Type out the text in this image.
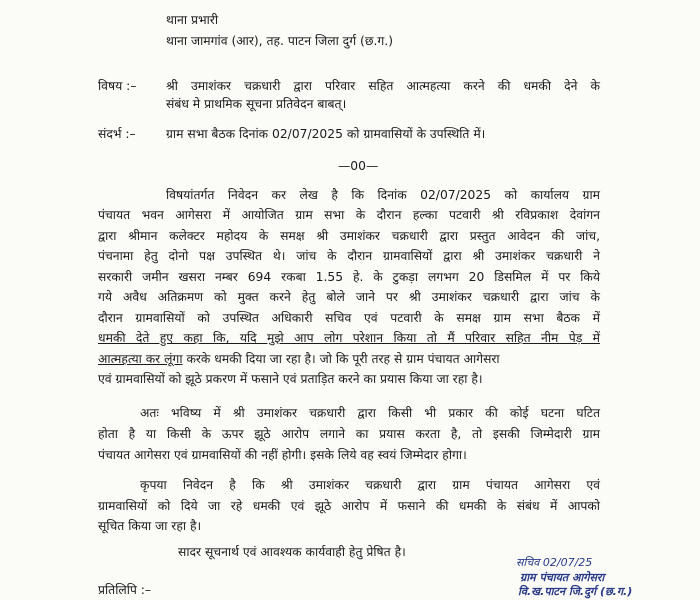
थाना प्रभारी
थाना जामगांव (आर), तह. पाटन जिला दुर्ग (छ.ग.)
विषय :– श्री उमाशंकर चक्रधारी द्वारा परिवार सहित आत्महत्या करने की धमकी देने के
संबंध मे प्राथमिक सूचना प्रतिवेदन बाबत्।
संदर्भ :– ग्राम सभा बैठक दिनांक 02/07/2025 को ग्रामवासियों के उपस्थिति में।
—00—
विषयांतर्गत निवेदन कर लेख है कि दिनांक 02/07/2025 को कार्यालय ग्राम
पंचायत भवन आगेसरा में आयोजित ग्राम सभा के दौरान हल्का पटवारी श्री रविप्रकाश देवांगन
द्वारा श्रीमान कलेक्टर महोदय के समक्ष श्री उमाशंकर चक्रधारी द्वारा प्रस्तुत आवेदन की जांच,
पंचनामा हेतु दोनो पक्ष उपस्थित थे। जांच के दौरान ग्रामवासियों द्वारा श्री उमाशंकर चक्रधारी ने
सरकारी जमीन खसरा नम्बर 694 रकबा 1.55 हे. के टुकड़ा लगभग 20 डिसमिल में पर किये
गये अवैध अतिक्रमण को मुक्त करने हेतु बोले जाने पर श्री उमाशंकर चक्रधारी द्वारा जांच के
दौरान ग्रामवासियों को उपस्थित अधिकारी सचिव एवं पटवारी के समक्ष ग्राम सभा बैठक में
धमकी देते हुए कहा कि, यदि मुझे आप लोग परेशान किया तो मैं परिवार सहित नीम पेड़ में
आत्महत्या कर लूंगा करके धमकी दिया जा रहा है। जो कि पूरी तरह से ग्राम पंचायत आगेसरा
एवं ग्रामवासियों को झूठे प्रकरण में फसाने एवं प्रताड़ित करने का प्रयास किया जा रहा है।
अतः भविष्य में श्री उमाशंकर चक्रधारी द्वारा किसी भी प्रकार की कोई घटना घटित
होता है या किसी के ऊपर झूठे आरोप लगाने का प्रयास करता है, तो इसकी जिम्मेदारी ग्राम
पंचायत आगेसरा एवं ग्रामवासियों की नहीं होगी। इसके लिये वह स्वयं जिम्मेदार होगा।
कृपया निवेदन है कि श्री उमाशंकर चक्रधारी द्वारा ग्राम पंचायत आगेसरा एवं
ग्रामवासियों को दिये जा रहे धमकी एवं झूठे आरोप में फसाने की धमकी के संबंध में आपको
सूचित किया जा रहा है।
सादर सूचनार्थ एवं आवश्यक कार्यवाही हेतु प्रेषित है।
प्रतिलिपि :–
सचिव 02/07/25
ग्राम पंचायत आगेसरा
वि.ख.पाटन जि.दुर्ग (छ.ग.)
